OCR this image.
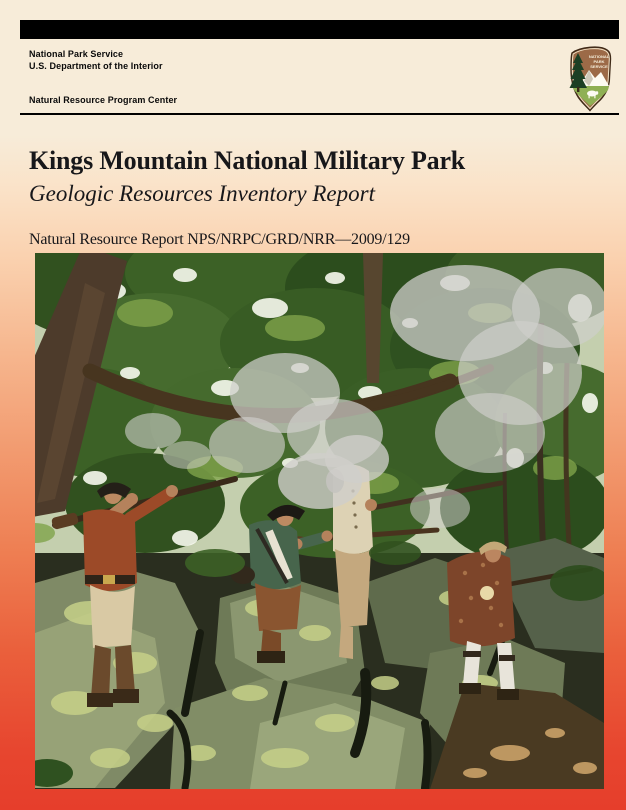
National Park Service
U.S. Department of the Interior
Natural Resource Program Center
NATIONAL
PARK
SERVICE
Kings Mountain National Military Park
Geologic Resources Inventory Report
Natural Resource Report NPS/NRPC/GRD/NRR—2009/129
